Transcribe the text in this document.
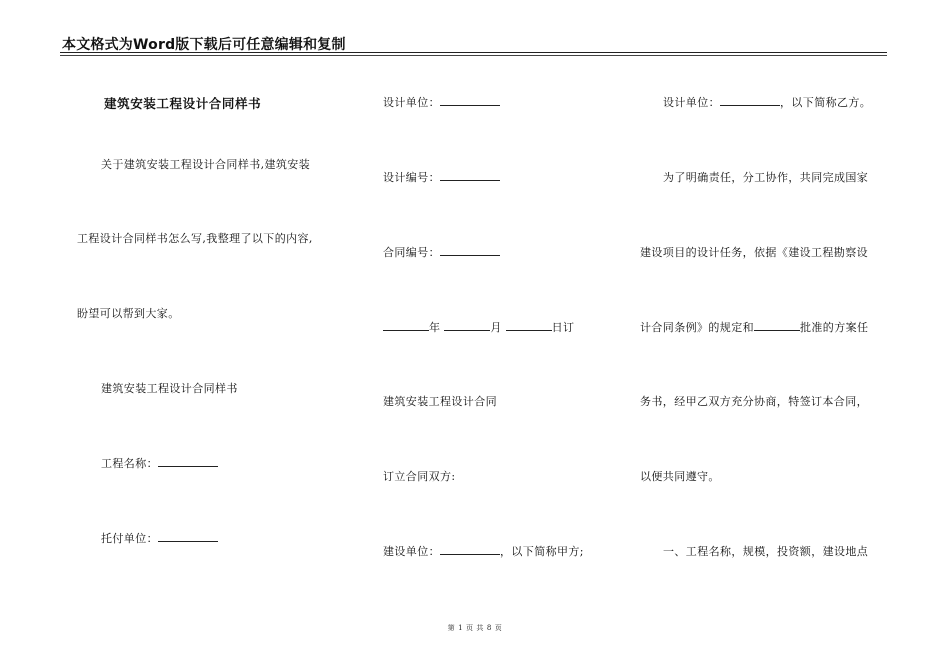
本文格式为Word版下载后可任意编辑和复制
建筑安装工程设计合同样书
关于建筑安装工程设计合同样书,建筑安装
工程设计合同样书怎么写,我整理了以下的内容,
盼望可以帮到大家。
建筑安装工程设计合同样书
工程名称：
托付单位：
设计单位：
设计编号：
合同编号：
年	月	日订
建筑安装工程设计合同
订立合同双方:
建设单位：	，以下简称甲方;
设计单位：	，以下简称乙方。
为了明确责任，分工协作，共同完成国家
建设项目的设计任务，依据《建设工程勘察设
计合同条例》的规定和	批准的方案任
务书，经甲乙双方充分协商，特签订本合同，
以便共同遵守。
一、工程名称，规模，投资额，建设地点
第 1 页 共 8 页
